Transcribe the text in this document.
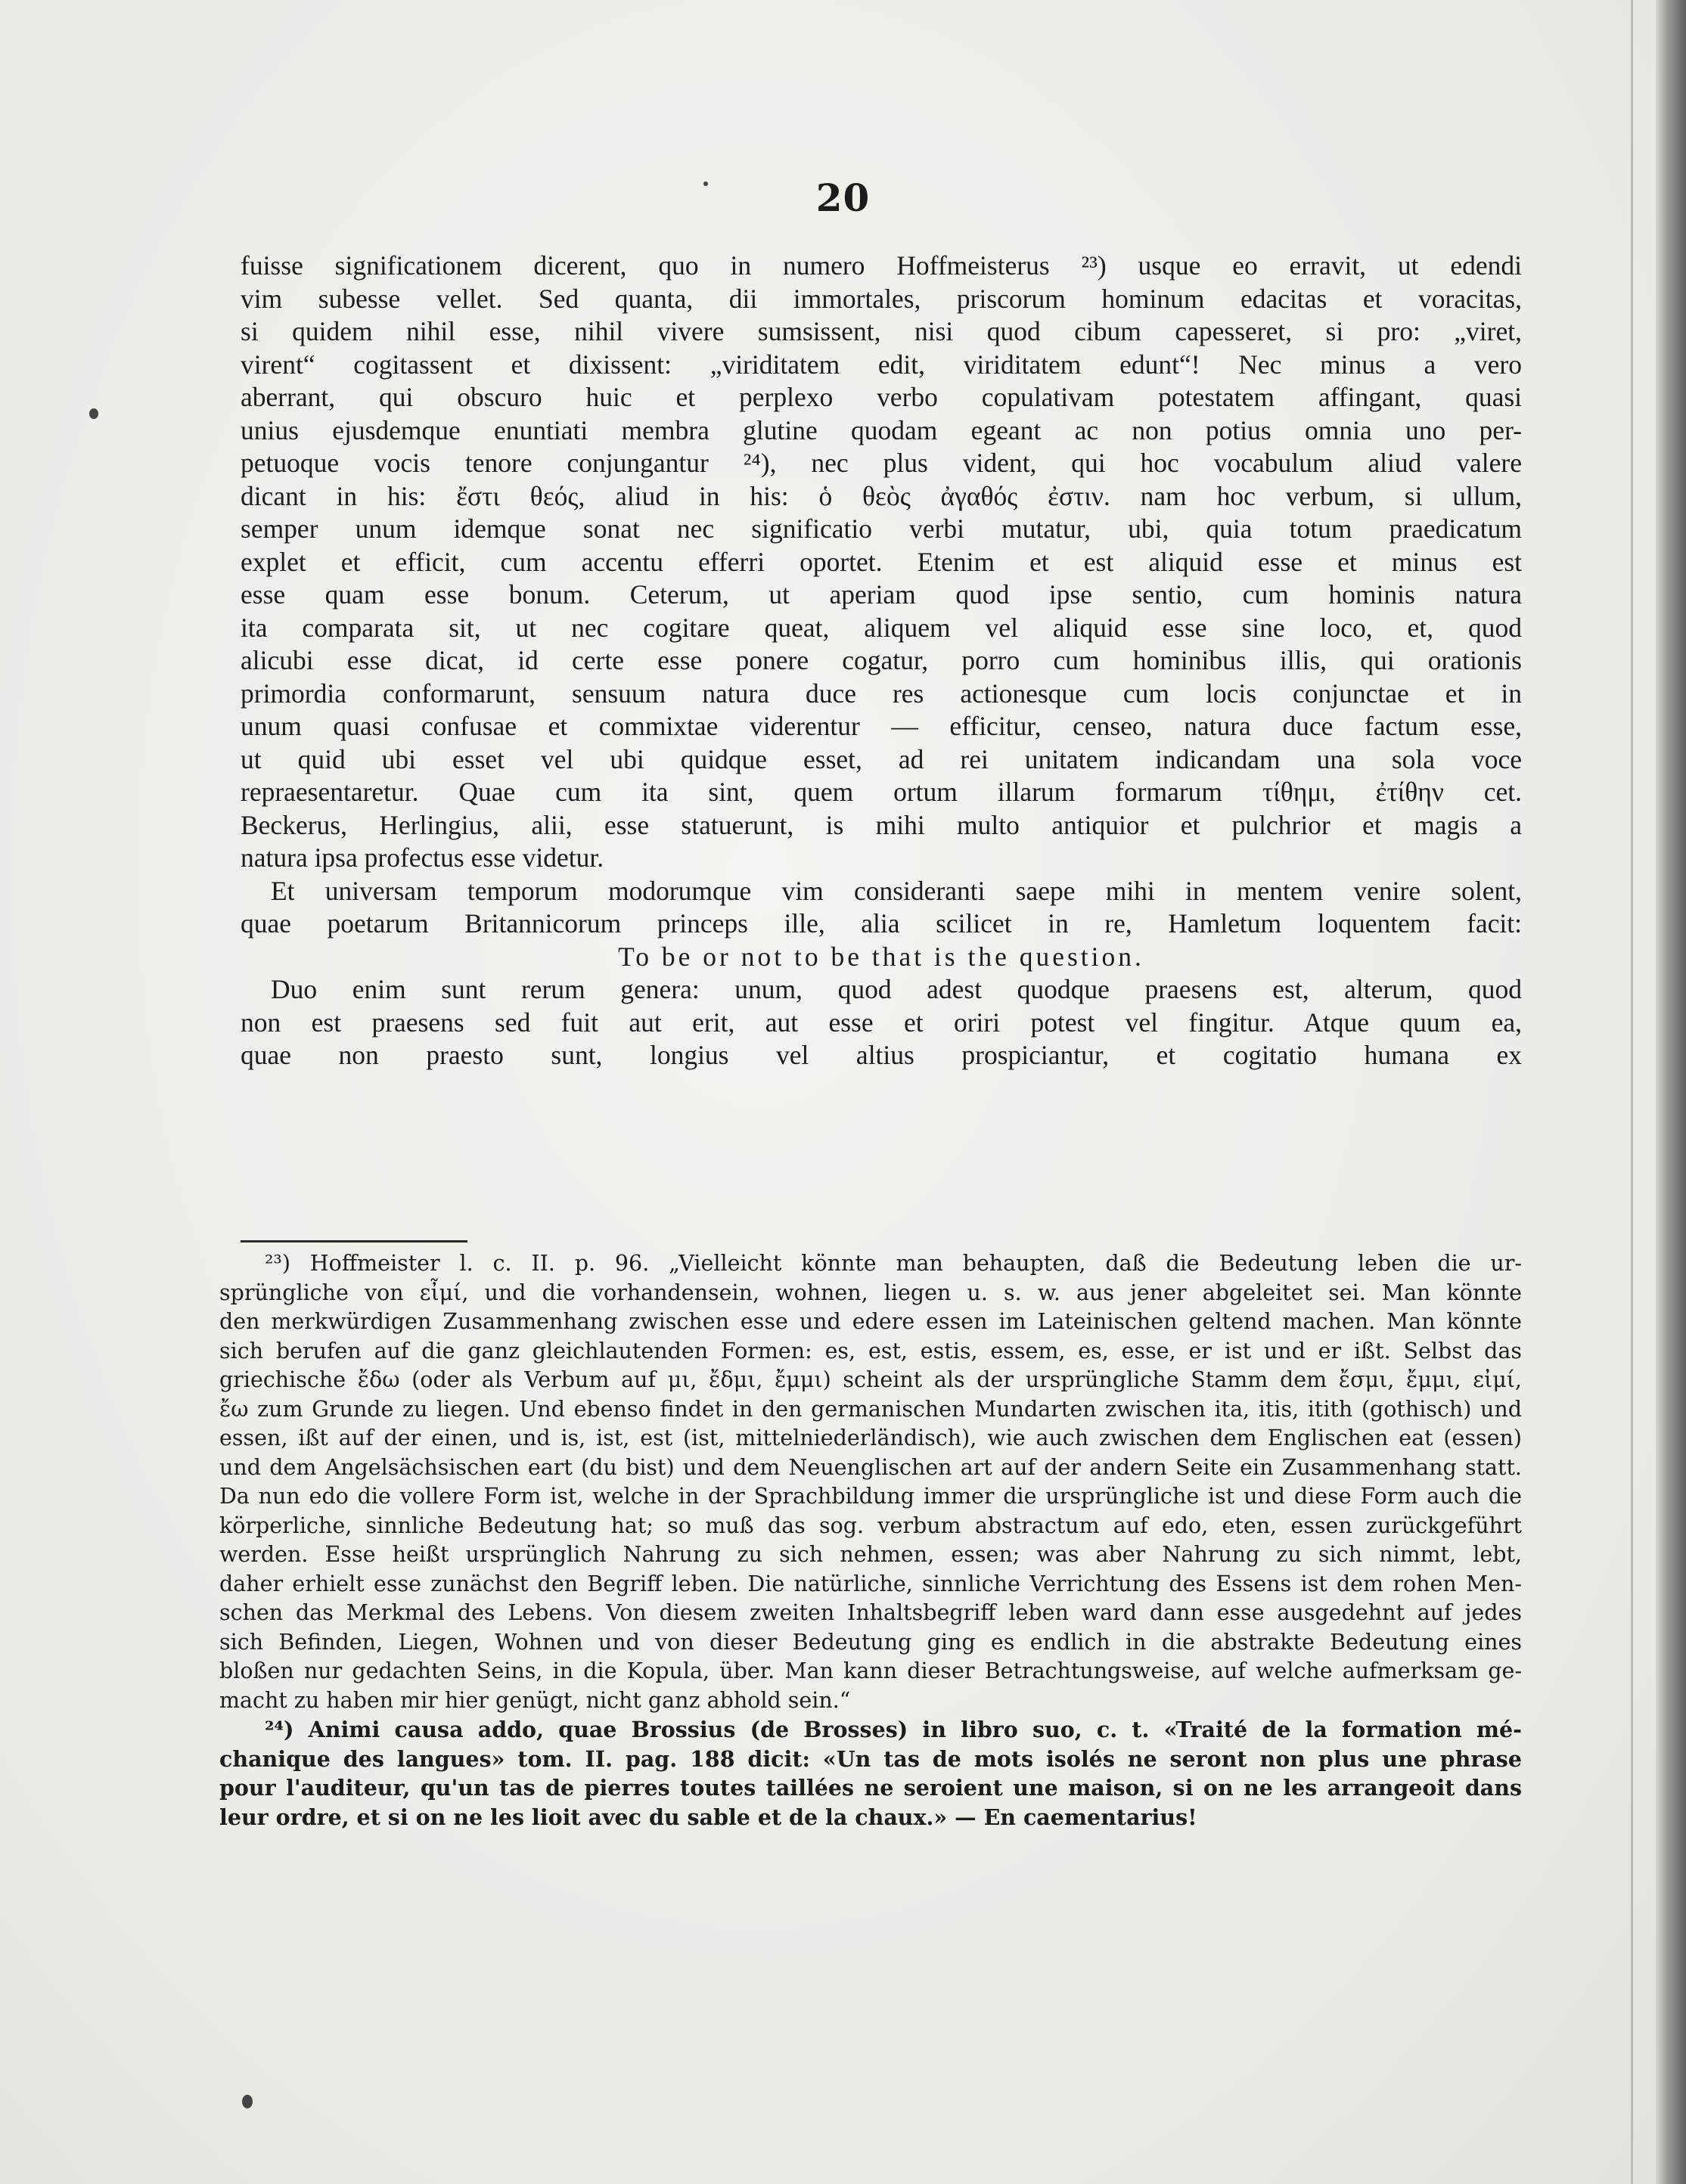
20
fuisse significationem dicerent, quo in numero Hoffmeisterus ²³) usque eo erravit, ut edendi
vim subesse vellet. Sed quanta, dii immortales, priscorum hominum edacitas et voracitas,
si quidem nihil esse, nihil vivere sumsissent, nisi quod cibum capesseret, si pro: „viret,
virent“ cogitassent et dixissent: „viriditatem edit, viriditatem edunt“! Nec minus a vero
aberrant, qui obscuro huic et perplexo verbo copulativam potestatem affingant, quasi
unius ejusdemque enuntiati membra glutine quodam egeant ac non potius omnia uno per-
petuoque vocis tenore conjungantur ²⁴), nec plus vident, qui hoc vocabulum aliud valere
dicant in his: ἔστι θεός, aliud in his: ὁ θεὸς ἀγαθός ἐστιν. nam hoc verbum, si ullum,
semper unum idemque sonat nec significatio verbi mutatur, ubi, quia totum praedicatum
explet et efficit, cum accentu efferri oportet. Etenim et est aliquid esse et minus est
esse quam esse bonum. Ceterum, ut aperiam quod ipse sentio, cum hominis natura
ita comparata sit, ut nec cogitare queat, aliquem vel aliquid esse sine loco, et, quod
alicubi esse dicat, id certe esse ponere cogatur, porro cum hominibus illis, qui orationis
primordia conformarunt, sensuum natura duce res actionesque cum locis conjunctae et in
unum quasi confusae et commixtae viderentur — efficitur, censeo, natura duce factum esse,
ut quid ubi esset vel ubi quidque esset, ad rei unitatem indicandam una sola voce
repraesentaretur. Quae cum ita sint, quem ortum illarum formarum τίθημι, ἐτίθην cet.
Beckerus, Herlingius, alii, esse statuerunt, is mihi multo antiquior et pulchrior et magis a
natura ipsa profectus esse videtur.
Et universam temporum modorumque vim consideranti saepe mihi in mentem venire solent,
quae poetarum Britannicorum princeps ille, alia scilicet in re, Hamletum loquentem facit:
To be or not to be that is the question.
Duo enim sunt rerum genera: unum, quod adest quodque praesens est, alterum, quod
non est praesens sed fuit aut erit, aut esse et oriri potest vel fingitur. Atque quum ea,
quae non praesto sunt, longius vel altius prospiciantur, et cogitatio humana ex
²³) Hoffmeister l. c. II. p. 96. „Vielleicht könnte man behaupten, daß die Bedeutung leben die ur-
sprüngliche von εἶμί, und die vorhandensein, wohnen, liegen u. s. w. aus jener abgeleitet sei. Man könnte
den merkwürdigen Zusammenhang zwischen esse und edere essen im Lateinischen geltend machen. Man könnte
sich berufen auf die ganz gleichlautenden Formen: es, est, estis, essem, es, esse, er ist und er ißt. Selbst das
griechische ἔδω (oder als Verbum auf μι, ἔδμι, ἔμμι) scheint als der ursprüngliche Stamm dem ἔσμι, ἔμμι, εἰμί,
ἔω zum Grunde zu liegen. Und ebenso findet in den germanischen Mundarten zwischen ita, itis, itith (gothisch) und
essen, ißt auf der einen, und is, ist, est (ist, mittelniederländisch), wie auch zwischen dem Englischen eat (essen)
und dem Angelsächsischen eart (du bist) und dem Neuenglischen art auf der andern Seite ein Zusammenhang statt.
Da nun edo die vollere Form ist, welche in der Sprachbildung immer die ursprüngliche ist und diese Form auch die
körperliche, sinnliche Bedeutung hat; so muß das sog. verbum abstractum auf edo, eten, essen zurückgeführt
werden. Esse heißt ursprünglich Nahrung zu sich nehmen, essen; was aber Nahrung zu sich nimmt, lebt,
daher erhielt esse zunächst den Begriff leben. Die natürliche, sinnliche Verrichtung des Essens ist dem rohen Men-
schen das Merkmal des Lebens. Von diesem zweiten Inhaltsbegriff leben ward dann esse ausgedehnt auf jedes
sich Befinden, Liegen, Wohnen und von dieser Bedeutung ging es endlich in die abstrakte Bedeutung eines
bloßen nur gedachten Seins, in die Kopula, über. Man kann dieser Betrachtungsweise, auf welche aufmerksam ge-
macht zu haben mir hier genügt, nicht ganz abhold sein.“
²⁴) Animi causa addo, quae Brossius (de Brosses) in libro suo, c. t. «Traité de la formation mé-
chanique des langues» tom. II. pag. 188 dicit: «Un tas de mots isolés ne seront non plus une phrase
pour l'auditeur, qu'un tas de pierres toutes taillées ne seroient une maison, si on ne les arrangeoit dans
leur ordre, et si on ne les lioit avec du sable et de la chaux.» — En caementarius!
